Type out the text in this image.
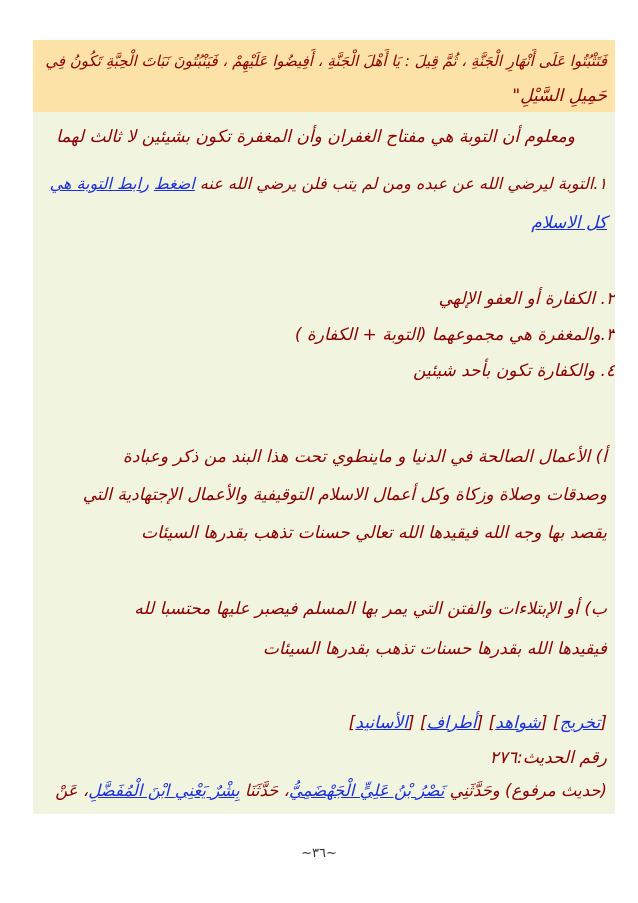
فَتَثْبُتُوا عَلَى أَنْهَارِ الْجَنَّةِ ، ثُمَّ قِيلَ : يَا أَهْلَ الْجَنَّةِ ، أَفِيضُوا عَلَيْهِمْ ، فَيَنْبُتُونَ نَبَاتَ الْحِبَّةِ تَكُونُ فِي
حَمِيلِ السَّيْلِ"
ومعلوم أن التوبة هي مفتاح الغفران وأن المغفرة تكون بشيئين لا ثالث لهما
١.التوبة ليرضي الله عن عبده ومن لم يتب فلن يرضي الله عنه اضغط رابط التوبة هي
كل الاسلام
٢. الكفارة أو العفو الإلهي
٣.والمغفرة هي مجموعهما (التوبة + الكفارة )
٤. والكفارة تكون بأحد شيئين
أ) الأعمال الصالحة في الدنيا و ماينطوي تحت هذا البند من ذكر وعبادة
وصدقات وصلاة وزكاة وكل أعمال الاسلام التوقيفية والأعمال الإجتهادية التي
يقصد بها وجه الله فيقيدها الله تعالي حسنات تذهب بقدرها السيئات
ب) أو الإبتلاءات والفتن التي يمر بها المسلم فيصبر عليها محتسبا لله
فيقيدها الله بقدرها حسنات تذهب بقدرها السيئات
[تخريج] [شواهد] [أطراف] [الأسانيد]
رقم الحديث:٢٧٦
(حديث مرفوع) وحَدَّثَنِي نَصْرُ بْنُ عَلِيٍّ الْجَهْضَمِيُّ، حَدَّثَنَا بِشْرٌ يَعْنِي ابْنَ الْمُفَضَّلِ، عَنْ
~٣٦~
